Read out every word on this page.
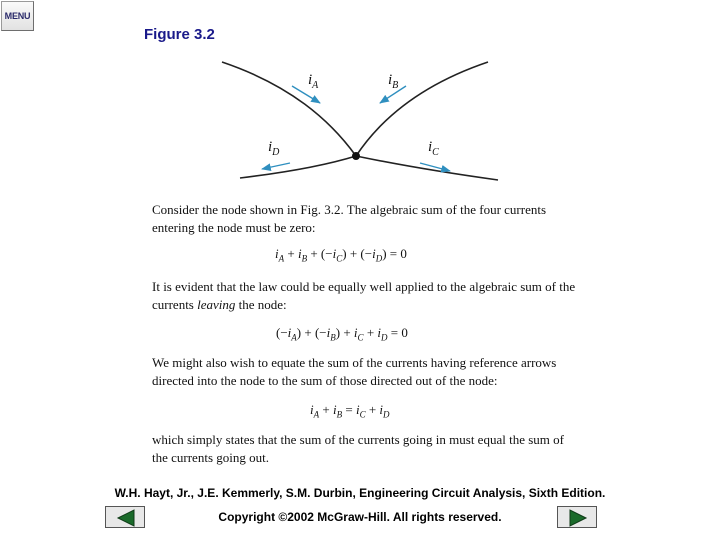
MENU
Figure 3.2
$i_A$	$i_B$
$i_D$	$i_C$
Consider the node shown in Fig. 3.2. The algebraic sum of the four currents entering the node must be zero:
$i_A + i_B + (-i_C) + (-i_D) = 0$
It is evident that the law could be equally well applied to the algebraic sum of the currents leaving the node:
$(-i_A) + (-i_B) + i_C + i_D = 0$
We might also wish to equate the sum of the currents having reference arrows directed into the node to the sum of those directed out of the node:
$i_A + i_B = i_C + i_D$
which simply states that the sum of the currents going in must equal the sum of the currents going out.
W.H. Hayt, Jr., J.E. Kemmerly, S.M. Durbin, Engineering Circuit Analysis, Sixth Edition.
Copyright ©2002 McGraw-Hill. All rights reserved.
